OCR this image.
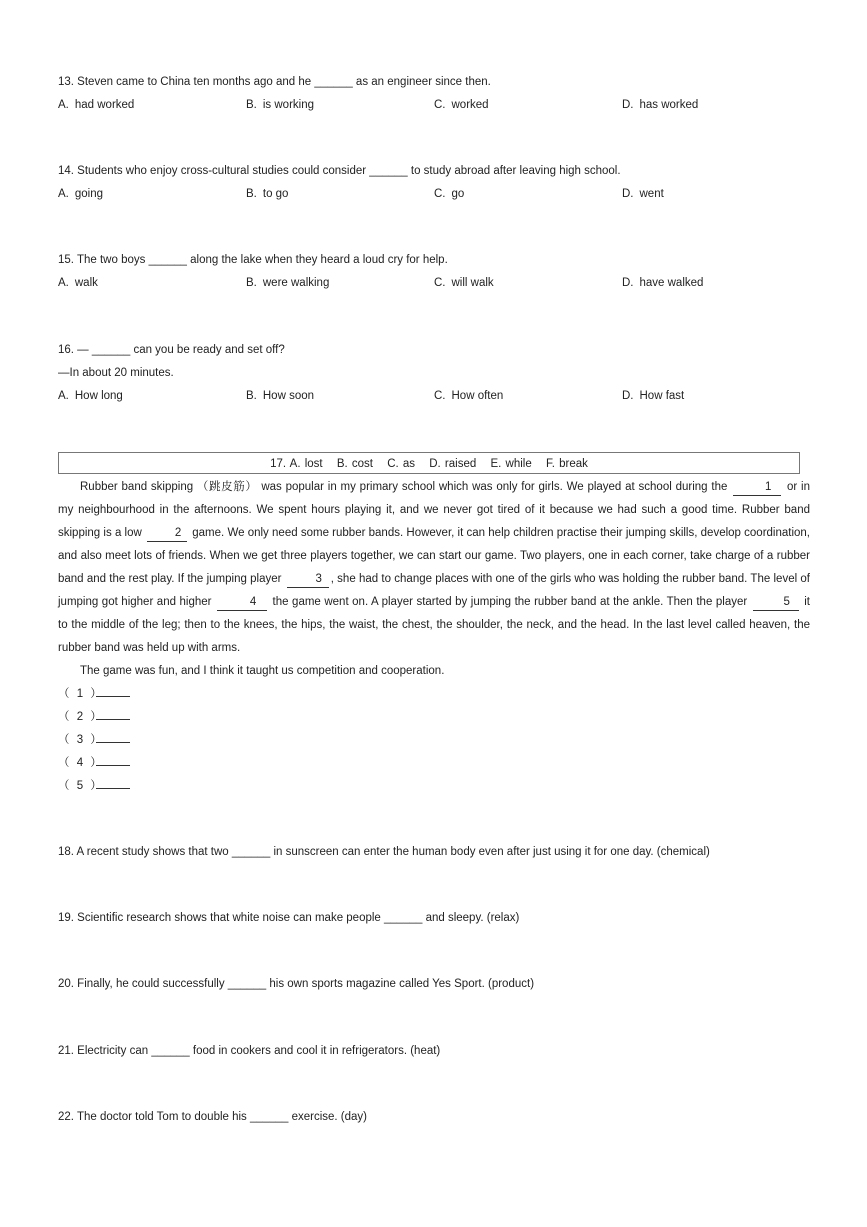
13. Steven came to China ten months ago and he ______ as an engineer since then.
A. had worked	B. is working	C. worked	D. has worked
14. Students who enjoy cross-cultural studies could consider ______ to study abroad after leaving high school.
A. going	B. to go	C. go	D. went
15. The two boys ______ along the lake when they heard a loud cry for help.
A. walk	B. were walking	C. will walk	D. have walked
16. — ______ can you be ready and set off?
—In about 20 minutes.
A. How long	B. How soon	C. How often	D. How fast
17. A. lost B. cost C. as D. raised E. while F. break

Rubber band skipping （跳皮筋） was popular in my primary school which was only for girls. We played at school during the	1 or in my neighbourhood in the afternoons. We spent hours playing it, and we never got tired of it because we had such a good time. Rubber band skipping is a low	2 game. We only need some rubber bands. However, it can help children practise their jumping skills, develop coordination, and also meet lots of friends. When we get three players together, we can start our game. Two players, one in each corner, take charge of a rubber band and the rest play. If the jumping player	3 , she had to change places with one of the girls who was holding the rubber band. The level of jumping got higher and higher	4 the game went on. A player started by jumping the rubber band at the ankle. Then the player	5 it to the middle of the leg; then to the knees, the hips, the waist, the chest, the shoulder, the neck, and the head. In the last level called heaven, the rubber band was held up with arms.

The game was fun, and I think it taught us competition and cooperation.

（ 1 ）
（ 2 ）
（ 3 ）
（ 4 ）
（ 5 ）
18. A recent study shows that two ______ in sunscreen can enter the human body even after just using it for one day. (chemical)
19. Scientific research shows that white noise can make people ______ and sleepy. (relax)
20. Finally, he could successfully ______ his own sports magazine called Yes Sport. (product)
21. Electricity can ______ food in cookers and cool it in refrigerators. (heat)
22. The doctor told Tom to double his ______ exercise. (day)
